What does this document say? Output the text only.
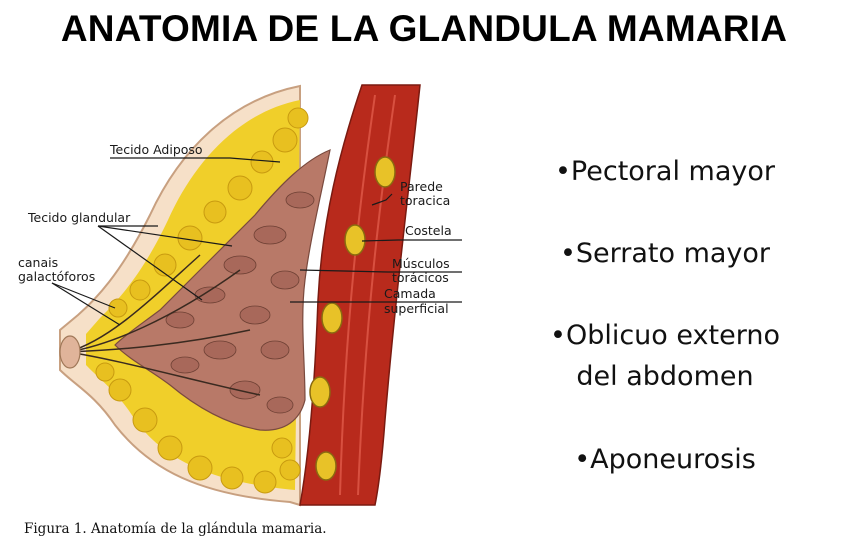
ANATOMIA DE LA GLANDULA MAMARIA
Tecido Adiposo
Tecido glandular
canais
galactóforos
Parede
toracica
Costela
Músculos
torácicos
Camada
superficial
•Pectoral mayor
•Serrato mayor
•Oblicuo externo
del abdomen
•Aponeurosis
Figura 1. Anatomía de la glándula mamaria.
